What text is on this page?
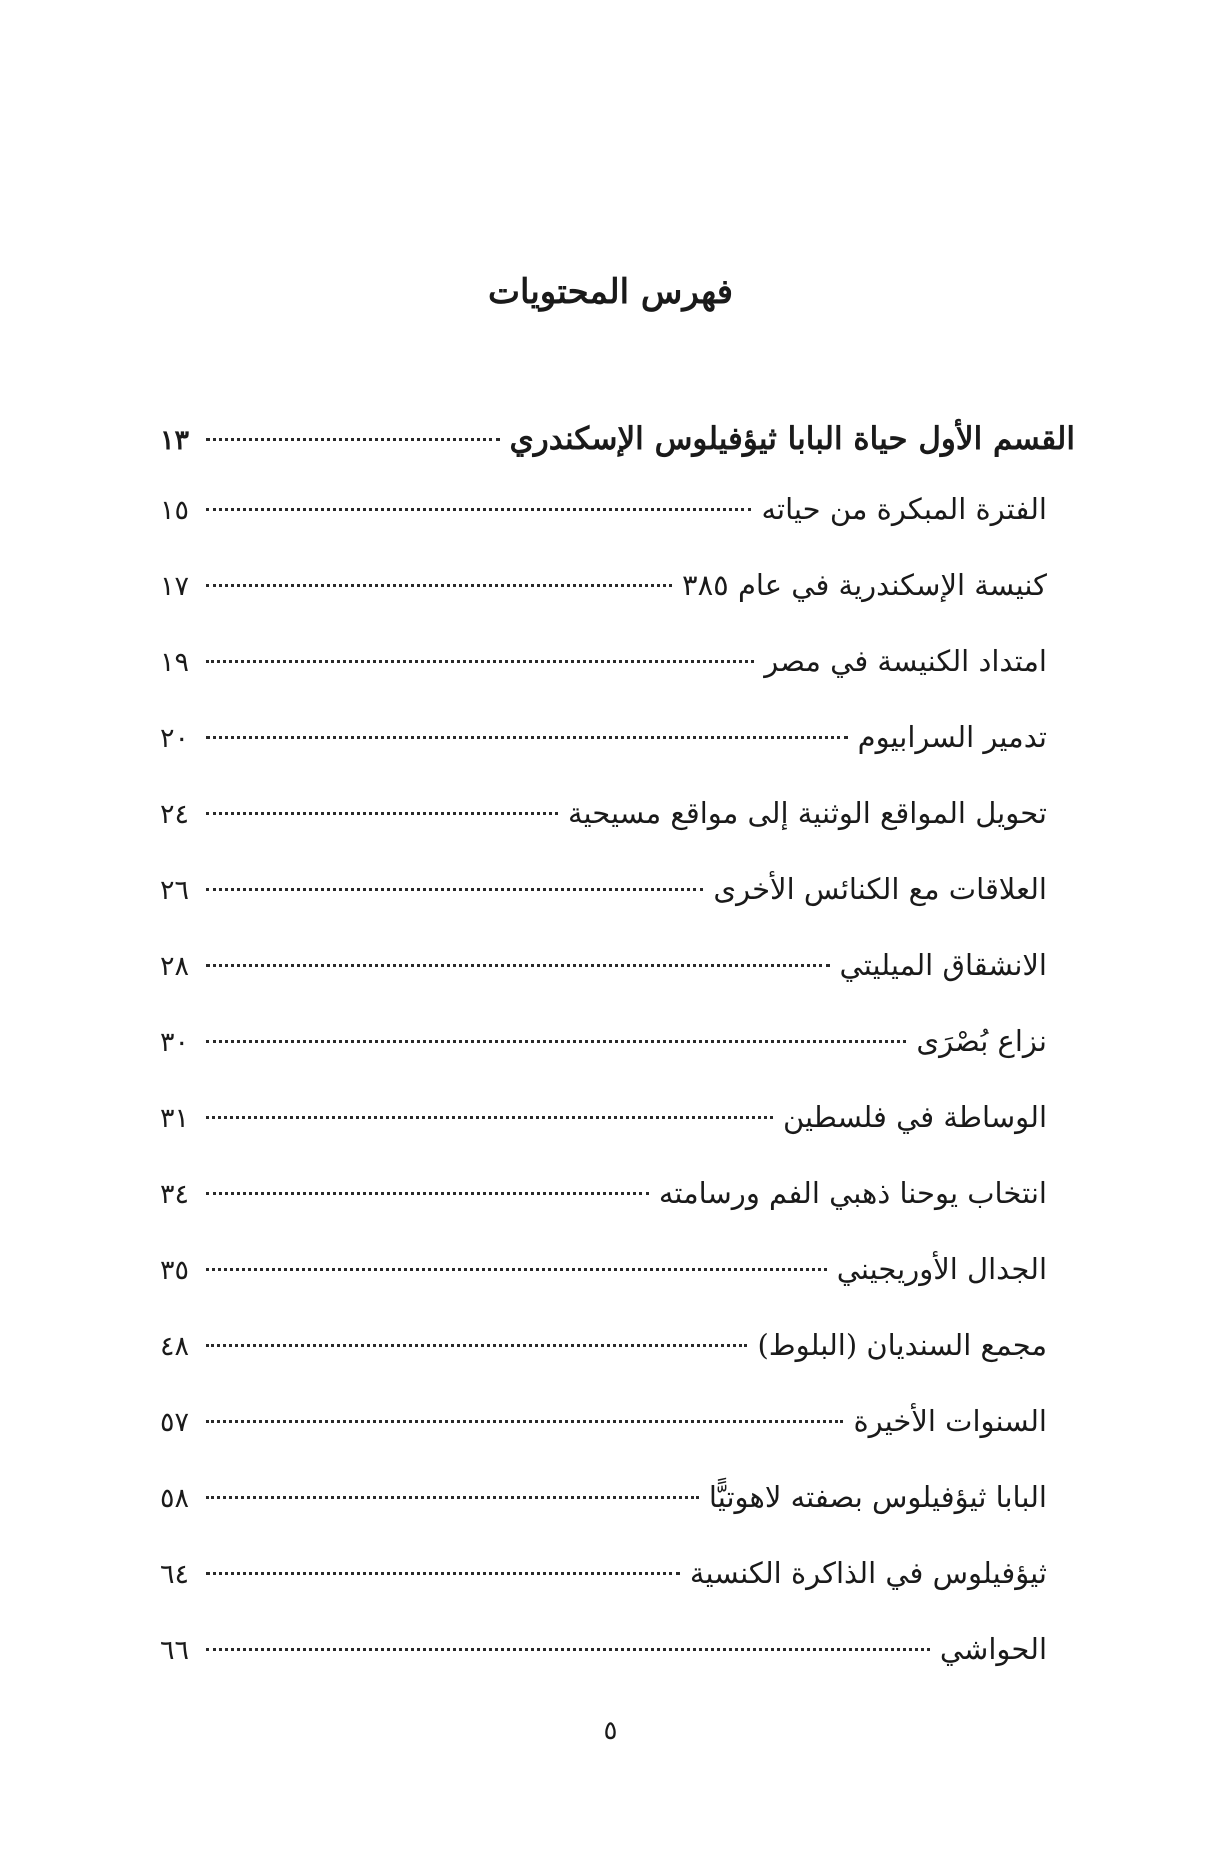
فهرس المحتويات
القسم الأول حياة البابا ثيؤفيلوس الإسكندري
١٣
الفترة المبكرة من حياته
١٥
كنيسة الإسكندرية في عام ٣٨٥
١٧
امتداد الكنيسة في مصر
١٩
تدمير السرابيوم
٢٠
تحويل المواقع الوثنية إلى مواقع مسيحية
٢٤
العلاقات مع الكنائس الأخرى
٢٦
الانشقاق الميليتي
٢٨
نزاع بُصْرَى
٣٠
الوساطة في فلسطين
٣١
انتخاب يوحنا ذهبي الفم ورسامته
٣٤
الجدال الأوريجيني
٣٥
مجمع السنديان (البلوط)
٤٨
السنوات الأخيرة
٥٧
البابا ثيؤفيلوس بصفته لاهوتيًّا
٥٨
ثيؤفيلوس في الذاكرة الكنسية
٦٤
الحواشي
٦٦
٥
